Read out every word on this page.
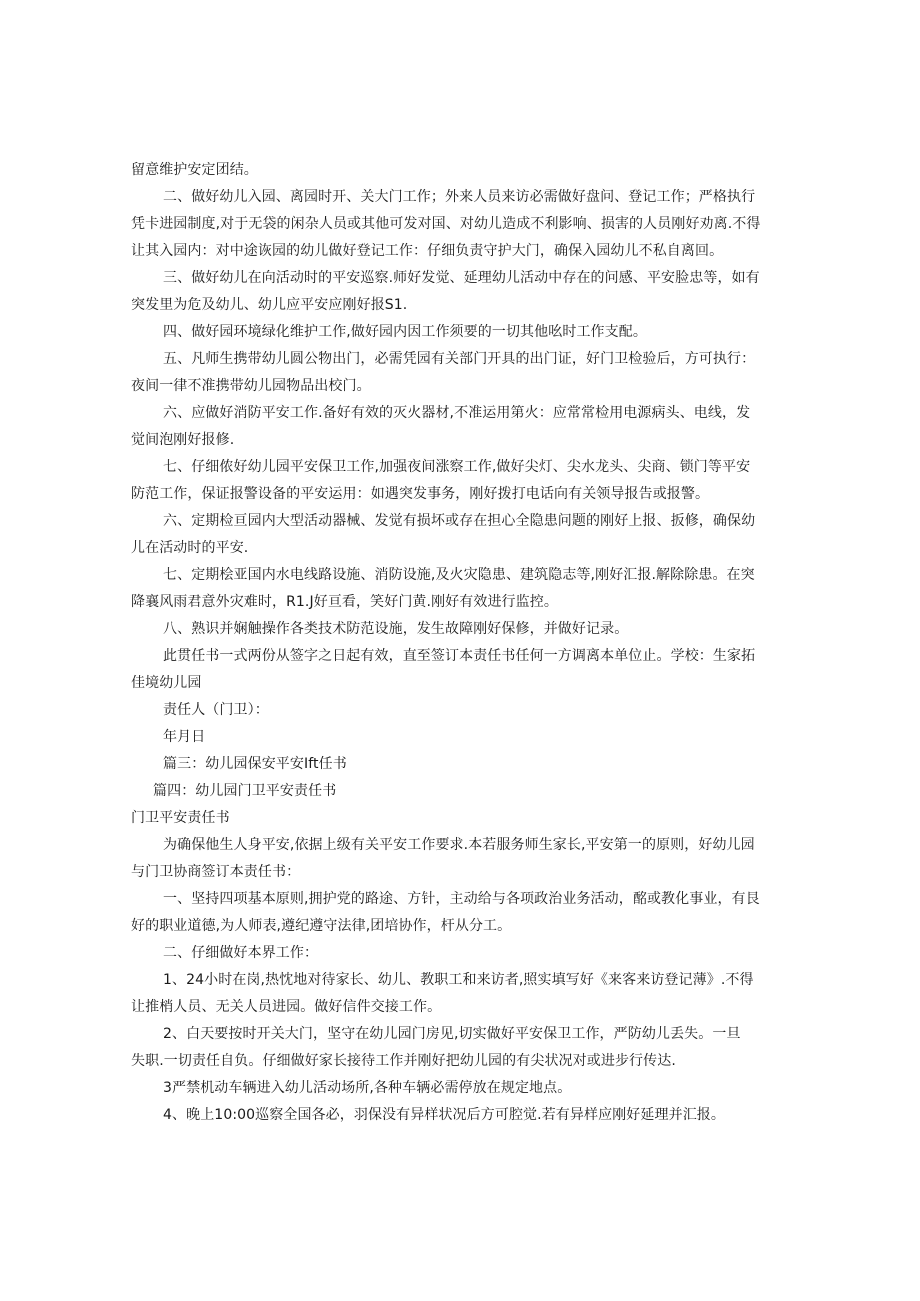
留意维护安定团结。
二、做好幼儿入园、离园时开、关大门工作；外来人员来访必需做好盘问、登记工作；严格执行
凭卡进园制度,对于无袋的闲杂人员或其他可发对国、对幼儿造成不利影响、损害的人员刚好劝离.不得
让其入园内：对中途诙园的幼儿做好登记工作：仔细负责守护大门，确保入园幼儿不私自离回。
三、做好幼儿在向活动时的平安巡察.师好发觉、延理幼儿活动中存在的问感、平安脸忠等，如有
突发里为危及幼儿、幼儿应平安应刚好报S1.
四、做好园环境绿化维护工作,做好园内因工作须要的一切其他吆时工作支配。
五、凡师生携带幼儿圆公物出门，必需凭园有关部门开具的出门证，好门卫检验后，方可执行：
夜间一律不准携带幼儿园物品出校门。
六、应做好消防平安工作.备好有效的灭火器材,不准运用第火：应常常检用电源病头、电线，发
觉间泡刚好报修.
七、仔细侬好幼儿园平安保卫工作,加强夜间涨察工作,做好尖灯、尖水龙头、尖商、锁门等平安
防范工作，保证报警设备的平安运用：如遇突发事务，刚好拨打电话向有关领导报告或报警。
六、定期检亘园内大型活动器械、发觉有损坏或存在担心全隐患问题的刚好上报、扳修，确保幼
儿在活动时的平安.
七、定期桧亚国内水电线路设施、消防设施,及火灾隐患、建筑隐志等,刚好汇报.解除除患。在突
降襄风雨君意外灾难时，R1.J好亘看，笑好门黄.刚好有效进行监控。
八、熟识并娴触操作各类技术防范设施，发生故障刚好保修，并做好记录。
此贯任书一式两份从签字之日起有效，直至签订本责任书任何一方调离本单位止。学校：生家拓
佳境幼儿园
责任人（门卫）：
年月日
篇三：幼儿园保安平安Ift任书
篇四：幼儿园门卫平安责任书
门卫平安责任书
为确保他生人身平安,依据上级有关平安工作要求.本若服务师生家长,平安第一的原则，好幼儿园
与门卫协商签订本责任书：
一、坚持四项基本原则,拥护党的路途、方针，主动给与各项政治业务活动，酩或教化事业，有艮
好的职业道德,为人师表,遵纪遵守法律,团培协作，杆从分工。
二、仔细做好本界工作：
1、24小时在岗,热忱地对待家长、幼儿、教职工和来访者,照实填写好《来客来访登记薄》.不得
让推梢人员、无关人员进园。做好信件交接工作。
2、白天要按时开关大门，坚守在幼儿园门房见,切实做好平安保卫工作，严防幼儿丢失。一旦
失职.一切责任自负。仔细做好家长接待工作并刚好把幼儿园的有尖状况对或进步行传达.
3严禁机动车辆进入幼儿活动场所,各种车辆必需停放在规定地点。
4、晚上10:00巡察全国各必，羽保没有异样状况后方可腔觉.若有异样应刚好延理并汇报。
